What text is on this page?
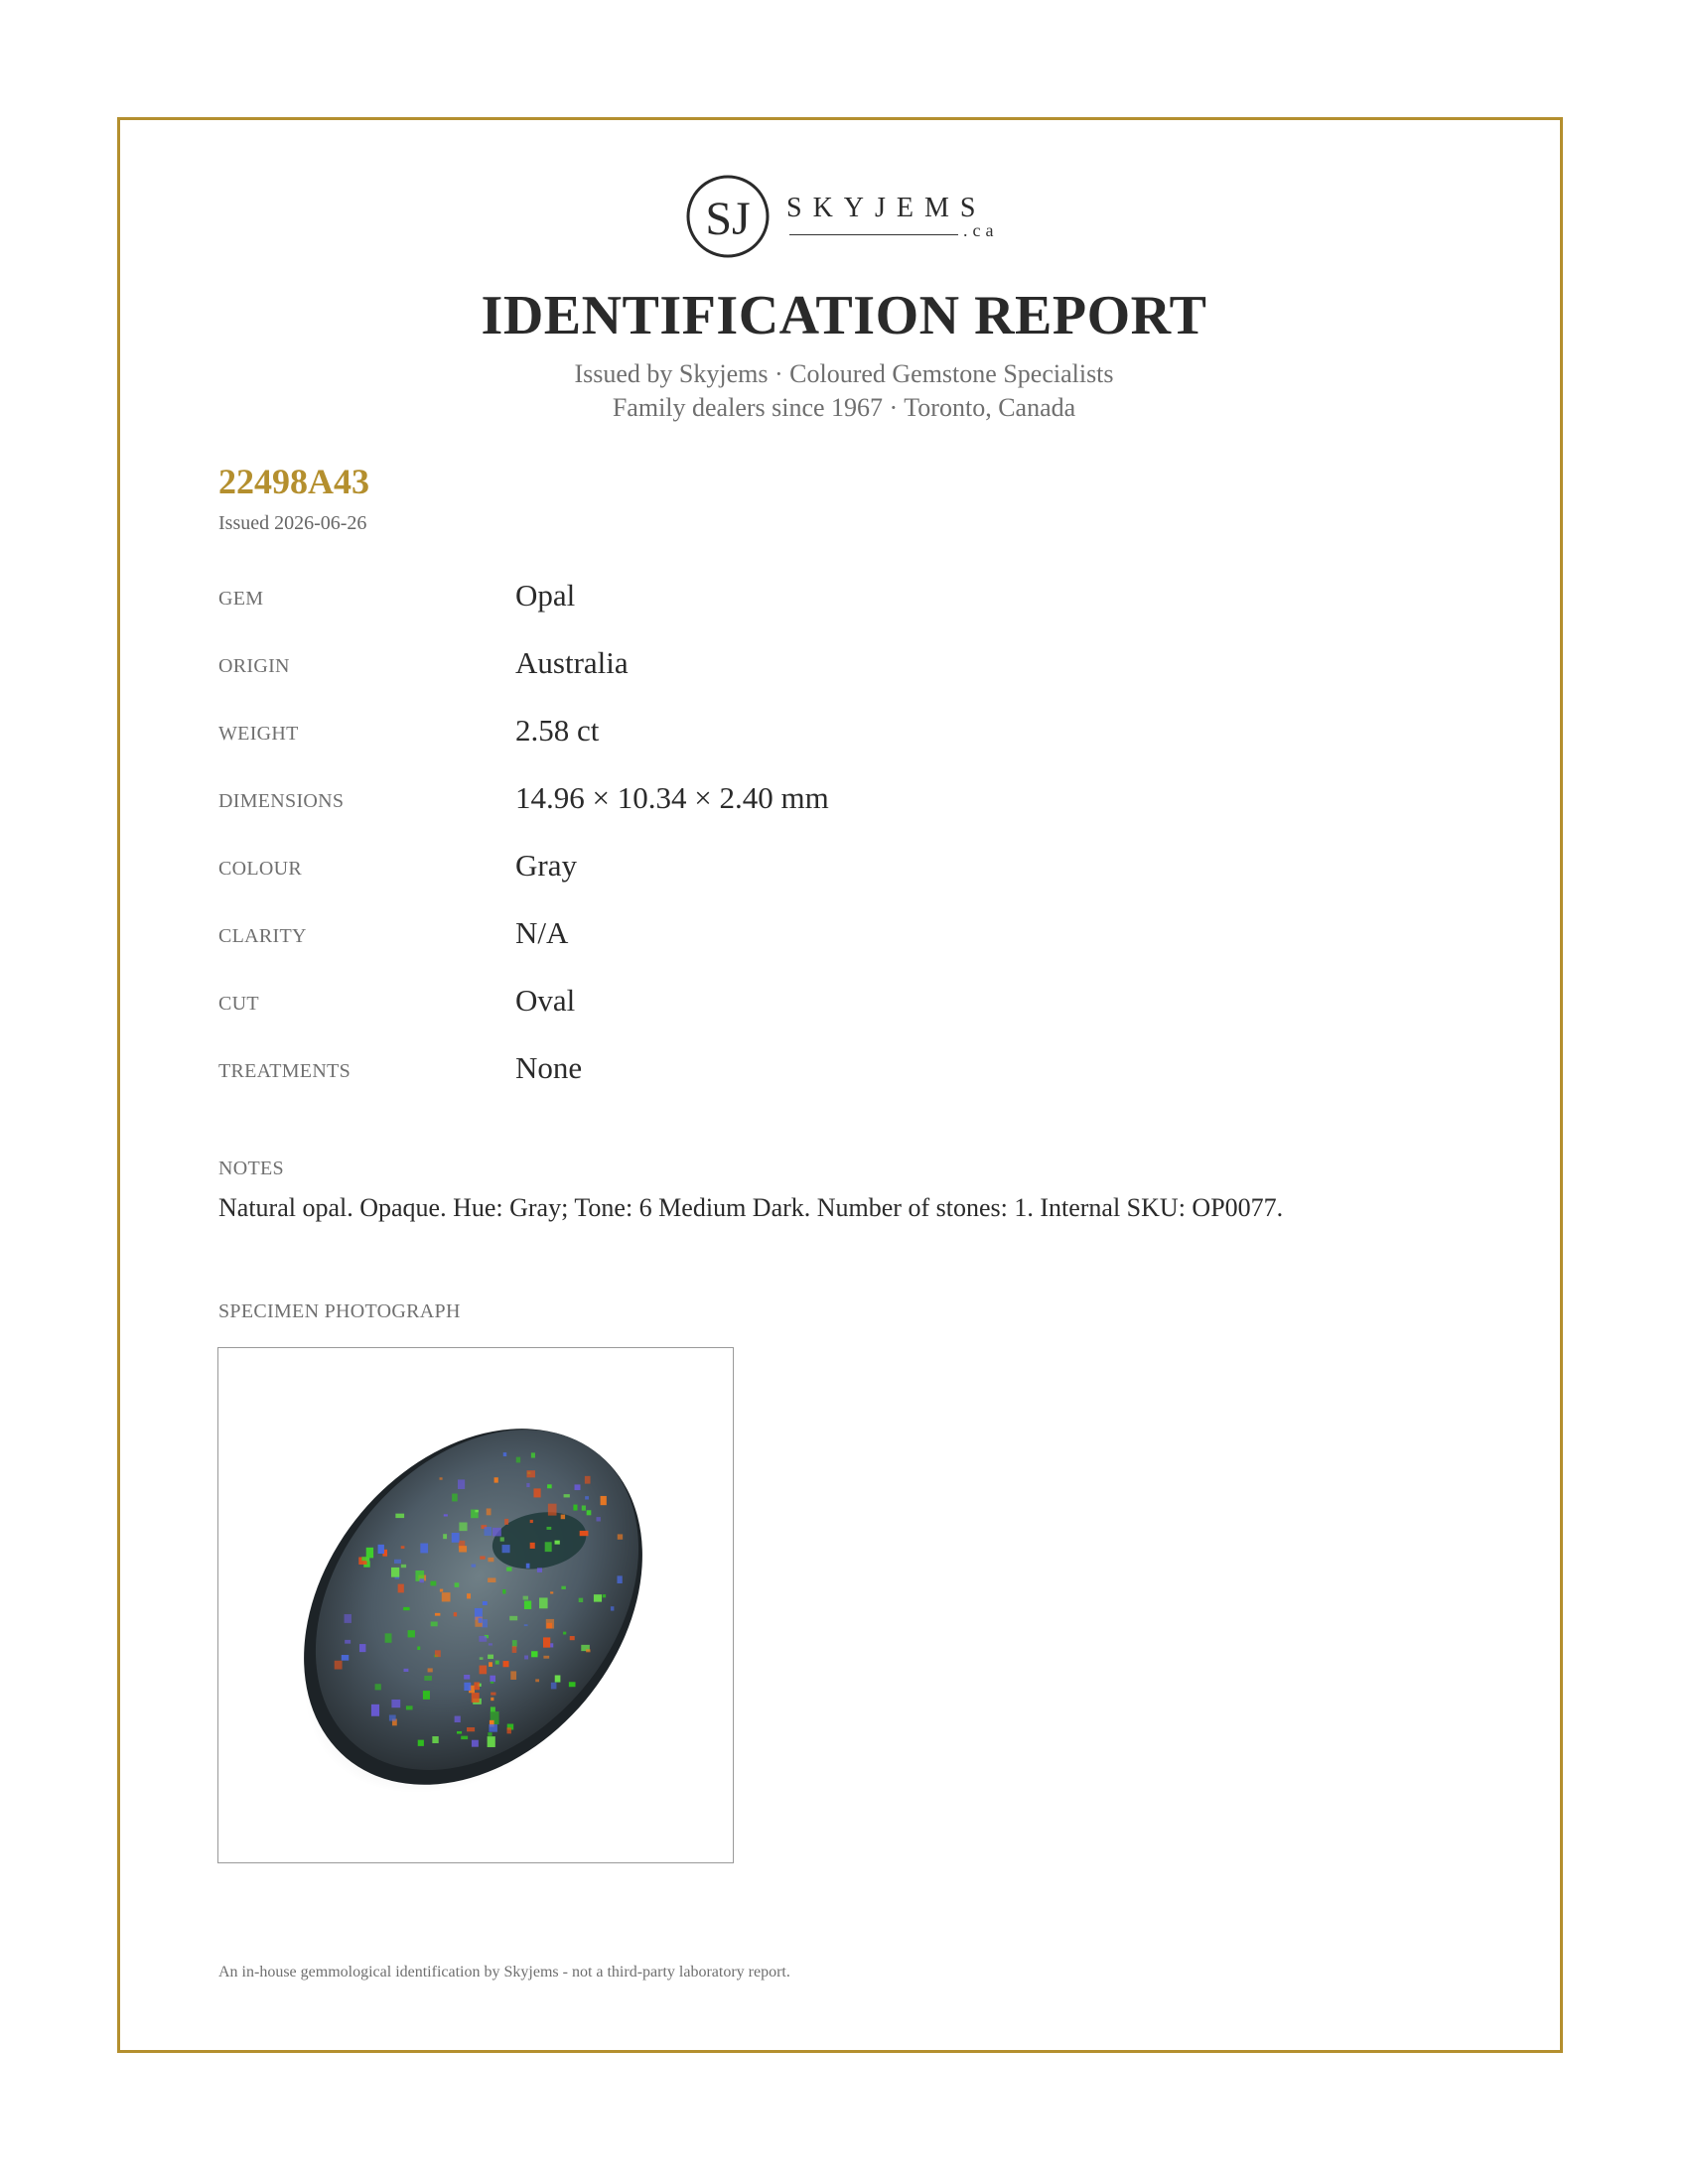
SJ SKYJEMS
.ca
IDENTIFICATION REPORT
Issued by Skyjems · Coloured Gemstone Specialists
Family dealers since 1967 · Toronto, Canada
22498A43
Issued 2026-06-26
GEM	Opal
ORIGIN	Australia
WEIGHT	2.58 ct
DIMENSIONS	14.96 × 10.34 × 2.40 mm
COLOUR	Gray
CLARITY	N/A
CUT	Oval
TREATMENTS	None
NOTES
Natural opal. Opaque. Hue: Gray; Tone: 6 Medium Dark. Number of stones: 1. Internal SKU: OP0077.
SPECIMEN PHOTOGRAPH
An in-house gemmological identification by Skyjems - not a third-party laboratory report.
